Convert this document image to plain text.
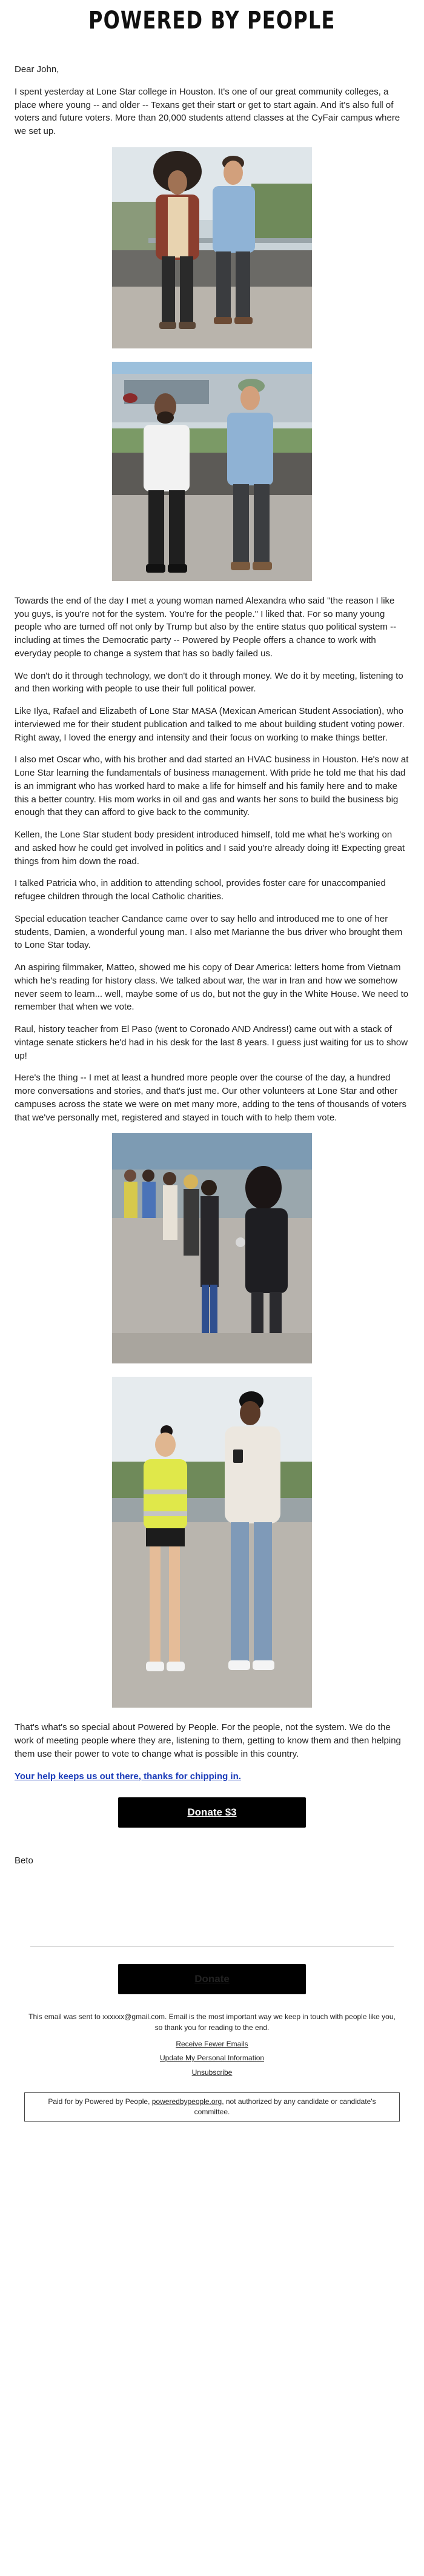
POWERED BY PEOPLE

Dear John,

I spent yesterday at Lone Star college in Houston. It's one of our great community colleges, a place where young -- and older -- Texans get their start or get to start again. And it's also full of voters and future voters. More than 20,000 students attend classes at the CyFair campus where we set up.

Towards the end of the day I met a young woman named Alexandra who said "the reason I like you guys, is you're not for the system. You're for the people." I liked that. For so many young people who are turned off not only by Trump but also by the entire status quo political system -- including at times the Democratic party -- Powered by People offers a chance to work with everyday people to change a system that has so badly failed us.

We don't do it through technology, we don't do it through money. We do it by meeting, listening to and then working with people to use their full political power.

Like Ilya, Rafael and Elizabeth of Lone Star MASA (Mexican American Student Association), who interviewed me for their student publication and talked to me about building student voting power. Right away, I loved the energy and intensity and their focus on working to make things better.

I also met Oscar who, with his brother and dad started an HVAC business in Houston. He's now at Lone Star learning the fundamentals of business management. With pride he told me that his dad is an immigrant who has worked hard to make a life for himself and his family here and to make this a better country. His mom works in oil and gas and wants her sons to build the business big enough that they can afford to give back to the community.

Kellen, the Lone Star student body president introduced himself, told me what he's working on and asked how he could get involved in politics and I said you're already doing it! Expecting great things from him down the road.

I talked Patricia who, in addition to attending school, provides foster care for unaccompanied refugee children through the local Catholic charities.

Special education teacher Candance came over to say hello and introduced me to one of her students, Damien, a wonderful young man. I also met Marianne the bus driver who brought them to Lone Star today.

An aspiring filmmaker, Matteo, showed me his copy of Dear America: letters home from Vietnam which he's reading for history class. We talked about war, the war in Iran and how we somehow never seem to learn... well, maybe some of us do, but not the guy in the White House. We need to remember that when we vote.

Raul, history teacher from El Paso (went to Coronado AND Andress!) came out with a stack of vintage senate stickers he'd had in his desk for the last 8 years. I guess just waiting for us to show up!

Here's the thing -- I met at least a hundred more people over the course of the day, a hundred more conversations and stories, and that's just me. Our other volunteers at Lone Star and other campuses across the state we were on met many more, adding to the tens of thousands of voters that we've personally met, registered and stayed in touch with to help them vote.

That's what's so special about Powered by People. For the people, not the system. We do the work of meeting people where they are, listening to them, getting to know them and then helping them use their power to vote to change what is possible in this country.

Your help keeps us out there, thanks for chipping in.
Donate $3

Beto

Donate

This email was sent to xxxxxx@gmail.com. Email is the most important way we keep in touch with people like you, so thank you for reading to the end.

Receive Fewer Emails
Update My Personal Information
Unsubscribe
Paid for by Powered by People, poweredbypeople.org, not authorized by any candidate or candidate's committee.
